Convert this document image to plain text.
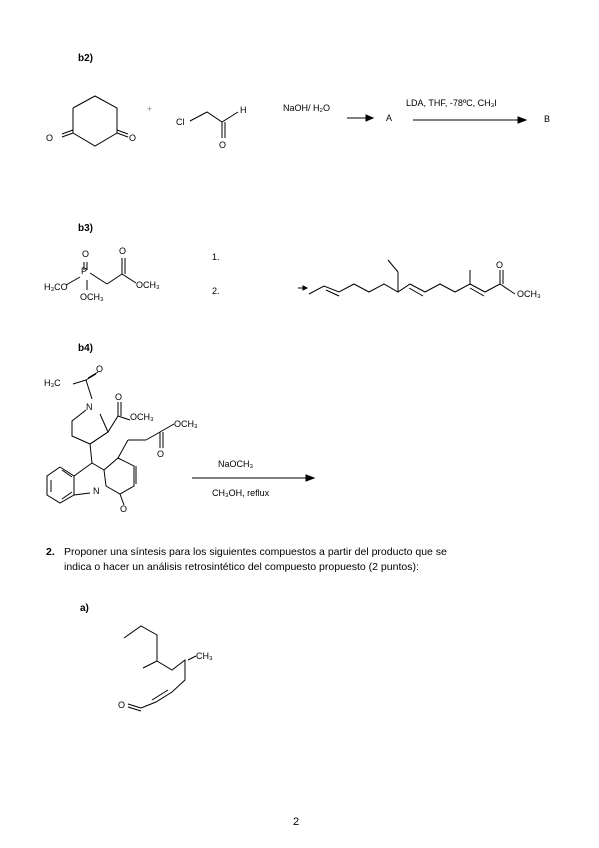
b2)
O	O
+
Cl
H
O
NaOH/ H₂O
A
LDA, THF, -78ºC, CH₃I
B
b3)
O	O
H₃CO
P
OCH₃
OCH₃
1.
2.
O
OCH₃
b4)
H₃C
O
N
O
OCH₃
OCH₃
O
N
O
NaOCH₃
CH₃OH, reflux
2. Proponer una síntesis para los siguientes compuestos a partir del producto que se
indica o hacer un análisis retrosintético del compuesto propuesto (2 puntos):
a)
CH₃
O
2
